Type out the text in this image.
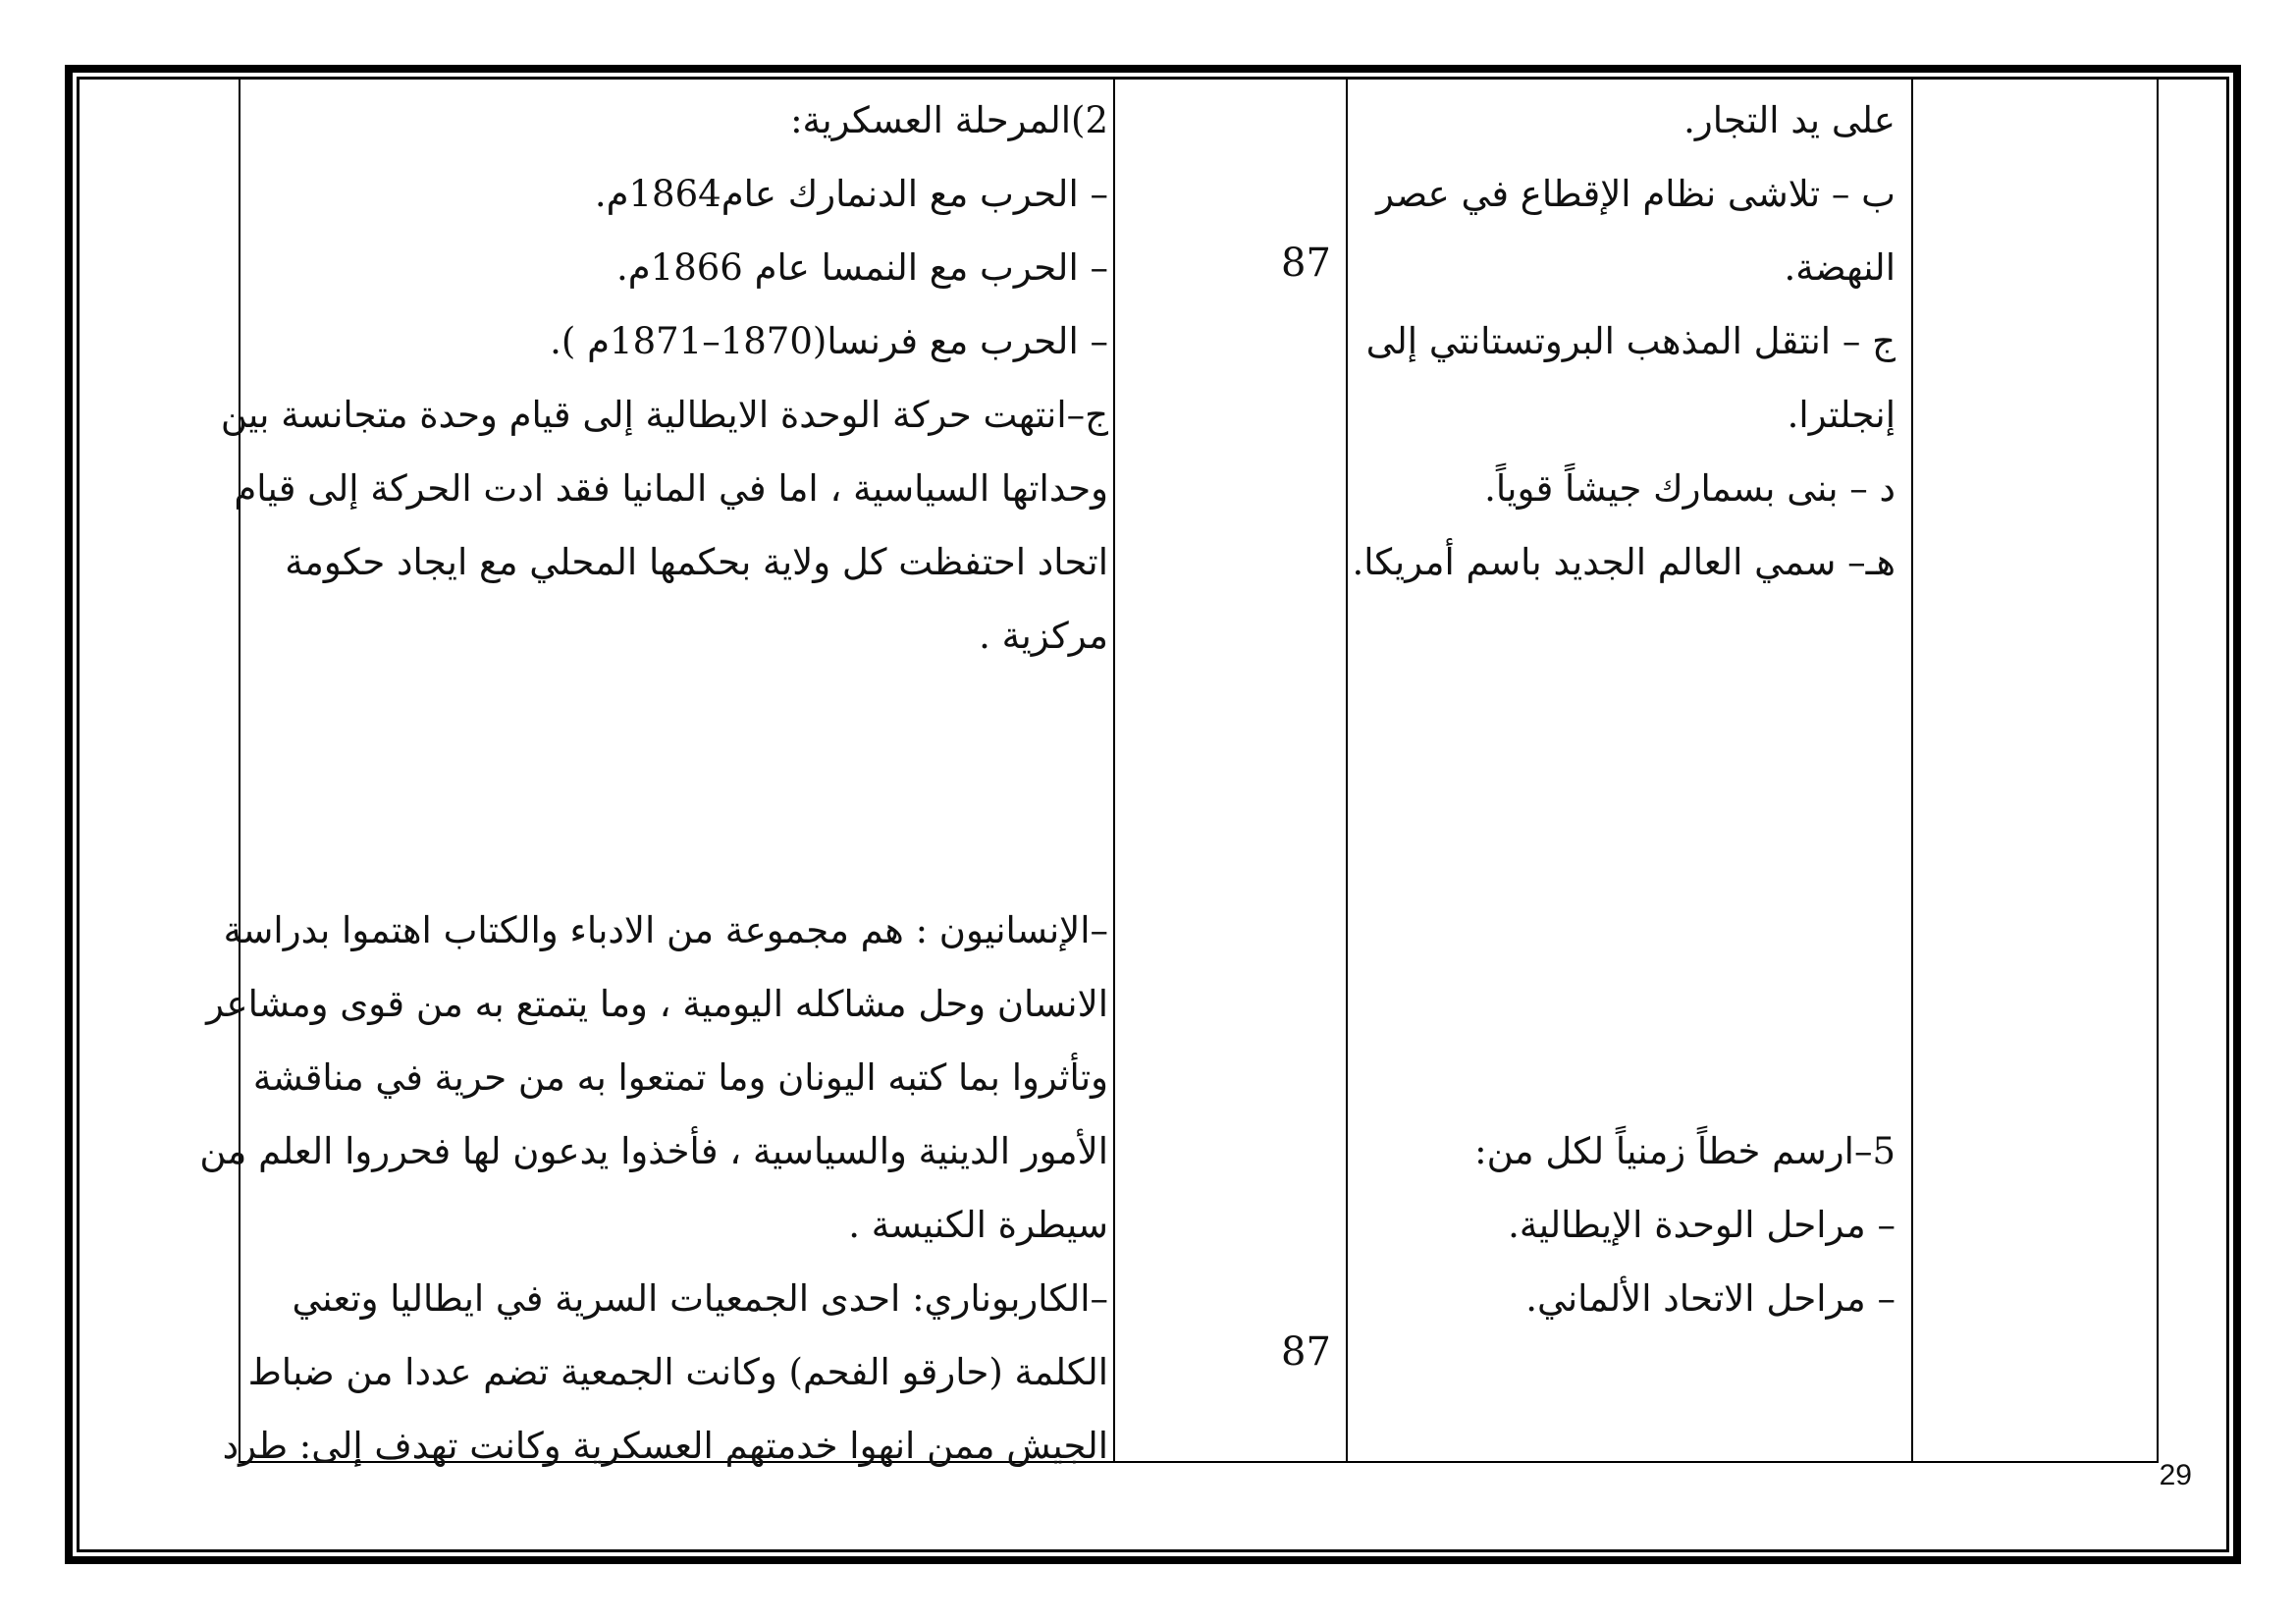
2)المرحلة العسكرية:
– الحرب مع الدنمارك عام1864م.
– الحرب مع النمسا عام 1866م.
– الحرب مع فرنسا(1870–1871م ).
ج–انتهت حركة الوحدة الايطالية إلى قيام وحدة متجانسة بين
وحداتها السياسية ، اما في المانيا فقد ادت الحركة إلى قيام
اتحاد احتفظت كل ولاية بحكمها المحلي مع ايجاد حكومة
مركزية .
–الإنسانيون : هم مجموعة من الادباء والكتاب اهتموا بدراسة
الانسان وحل مشاكله اليومية ، وما يتمتع به من قوى ومشاعر
وتأثروا بما كتبه اليونان وما تمتعوا به من حرية في مناقشة
الأمور الدينية والسياسية ، فأخذوا يدعون لها فحرروا العلم من
سيطرة الكنيسة .
–الكاربوناري: احدى الجمعيات السرية في ايطاليا وتعني
الكلمة (حارقو الفحم) وكانت الجمعية تضم عددا من ضباط
الجيش ممن انهوا خدمتهم العسكرية وكانت تهدف إلى: طرد
87
87
على يد التجار.
ب – تلاشى نظام الإقطاع في عصر
النهضة.
ج – انتقل المذهب البروتستانتي إلى
إنجلترا.
د – بنى بسمارك جيشاً قوياً.
هـ– سمي العالم الجديد باسم أمريكا.
5–ارسم خطاً زمنياً لكل من:
– مراحل الوحدة الإيطالية.
– مراحل الاتحاد الألماني.
29
